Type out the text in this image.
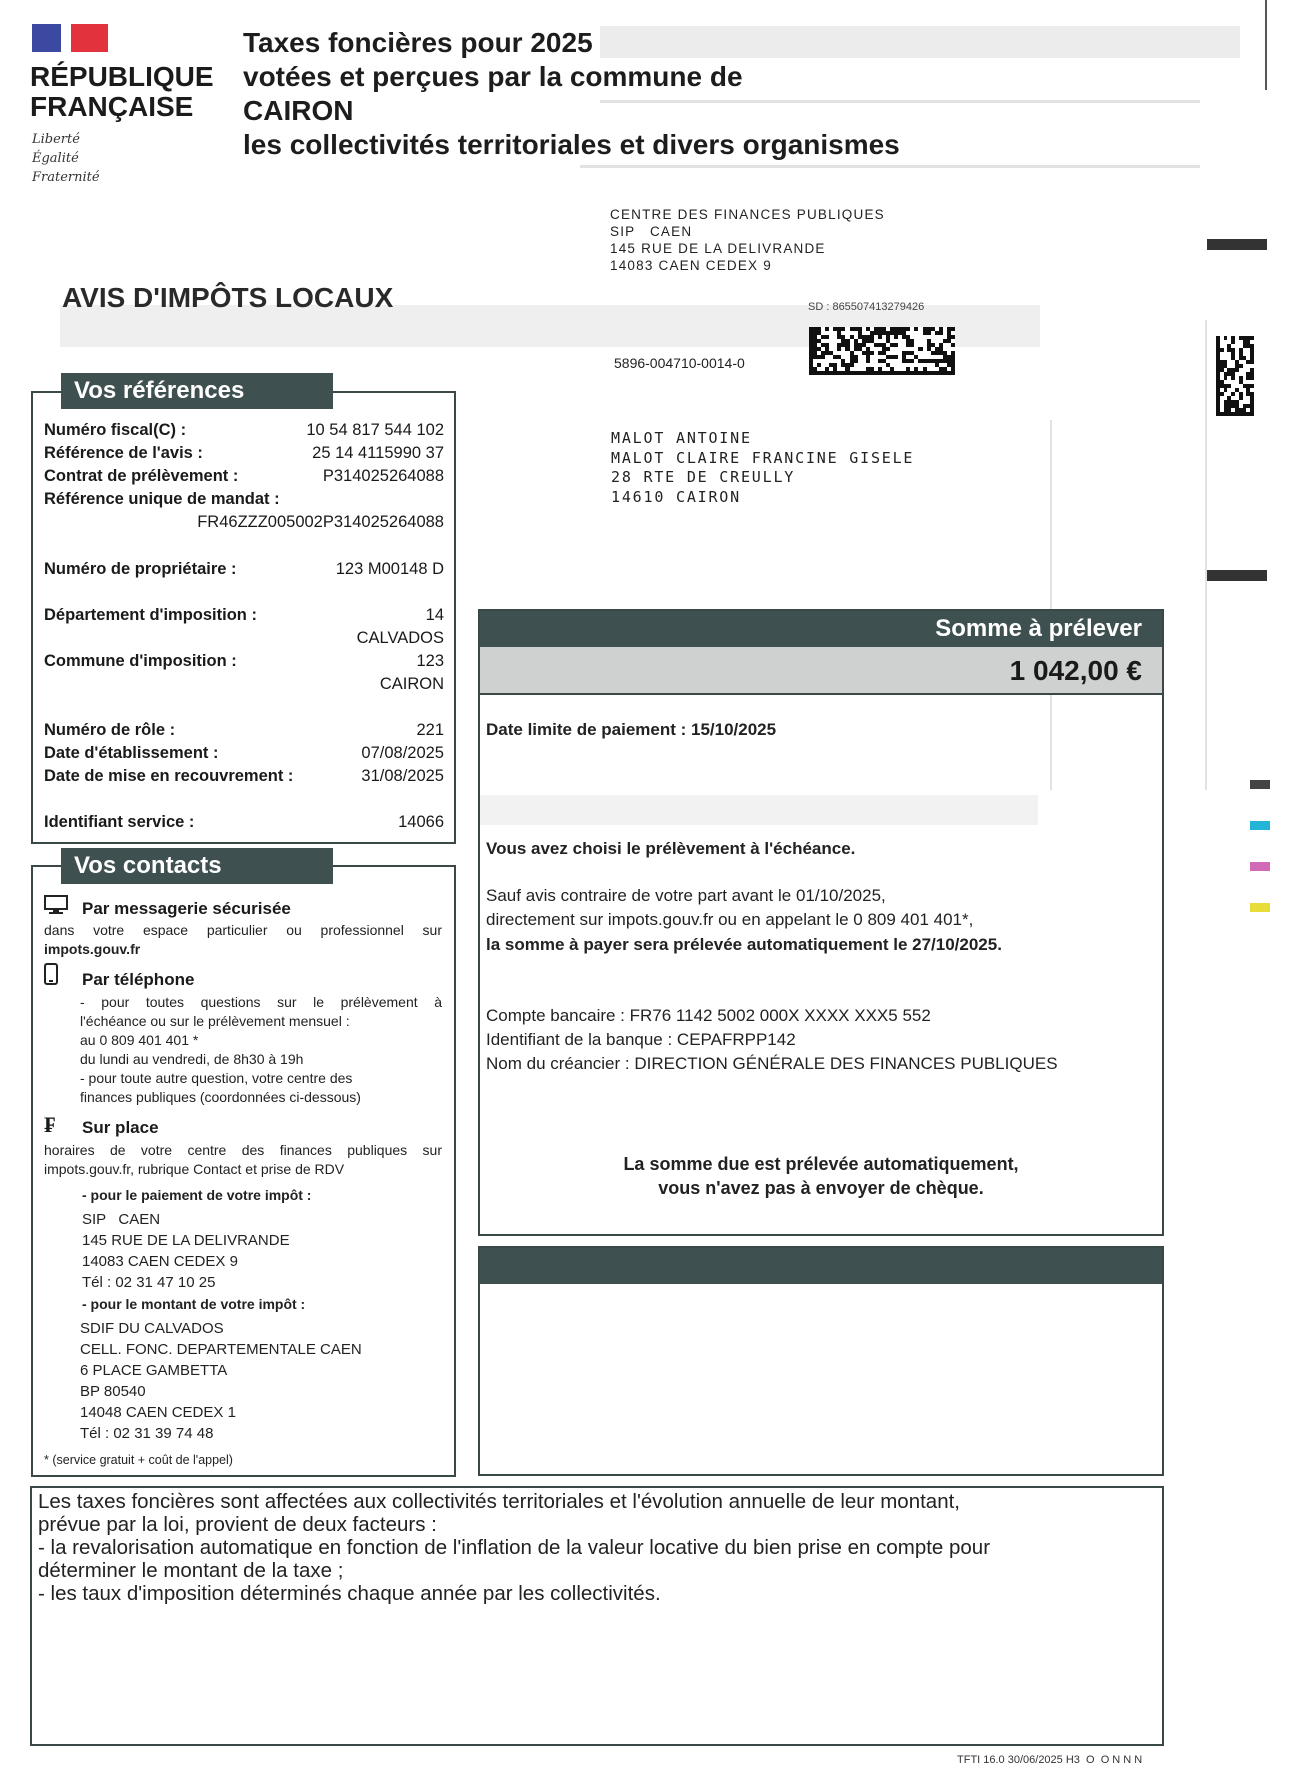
RÉPUBLIQUE
FRANÇAISE
Liberté
Égalité
Fraternité
Taxes foncières pour 2025
votées et perçues par la commune de
CAIRON
les collectivités territoriales et divers organismes
CENTRE DES FINANCES PUBLIQUES
SIP   CAEN
145 RUE DE LA DELIVRANDE
14083 CAEN CEDEX 9
AVIS D'IMPÔTS LOCAUX	SD : 865507413279426
5896-004710-0014-0
MALOT ANTOINE
MALOT CLAIRE FRANCINE GISELE
28 RTE DE CREULLY
14610 CAIRON
Vos références
Numéro fiscal(C) :	10 54 817 544 102
Référence de l'avis :	25 14 4115990 37
Contrat de prélèvement :	P314025264088
Référence unique de mandat :
FR46ZZZ005002P314025264088
Numéro de propriétaire :	123 M00148 D
Département d'imposition :	14
CALVADOS
Commune d'imposition :	123
CAIRON
Numéro de rôle :	221
Date d'établissement :	07/08/2025
Date de mise en recouvrement :	31/08/2025
Identifiant service :	14066
Vos contacts
Par messagerie sécurisée
dans votre espace particulier ou professionnel sur
impots.gouv.fr
Par téléphone
- pour toutes questions sur le prélèvement à
l'échéance ou sur le prélèvement mensuel :
au 0 809 401 401 *
du lundi au vendredi, de 8h30 à 19h
- pour toute autre question, votre centre des
finances publiques (coordonnées ci-dessous)
₣ Sur place
horaires de votre centre des finances publiques sur
impots.gouv.fr, rubrique Contact et prise de RDV
- pour le paiement de votre impôt :
SIP   CAEN
145 RUE DE LA DELIVRANDE
14083 CAEN CEDEX 9
Tél : 02 31 47 10 25
- pour le montant de votre impôt :
SDIF DU CALVADOS
CELL. FONC. DEPARTEMENTALE CAEN
6 PLACE GAMBETTA
BP 80540
14048 CAEN CEDEX 1
Tél : 02 31 39 74 48
* (service gratuit + coût de l'appel)
Somme à prélever
1 042,00 €
Date limite de paiement : 15/10/2025
Vous avez choisi le prélèvement à l'échéance.
Sauf avis contraire de votre part avant le 01/10/2025,
directement sur impots.gouv.fr ou en appelant le 0 809 401 401*,
la somme à payer sera prélevée automatiquement le 27/10/2025.
Compte bancaire : FR76 1142 5002 000X XXXX XXX5 552
Identifiant de la banque : CEPAFRPP142
Nom du créancier : DIRECTION GÉNÉRALE DES FINANCES PUBLIQUES
La somme due est prélevée automatiquement,
vous n'avez pas à envoyer de chèque.
Les taxes foncières sont affectées aux collectivités territoriales et l'évolution annuelle de leur montant,
prévue par la loi, provient de deux facteurs :
- la revalorisation automatique en fonction de l'inflation de la valeur locative du bien prise en compte pour
déterminer le montant de la taxe ;
- les taux d'imposition déterminés chaque année par les collectivités.
TFTI 16.0 30/06/2025 H3  O  O N N N
